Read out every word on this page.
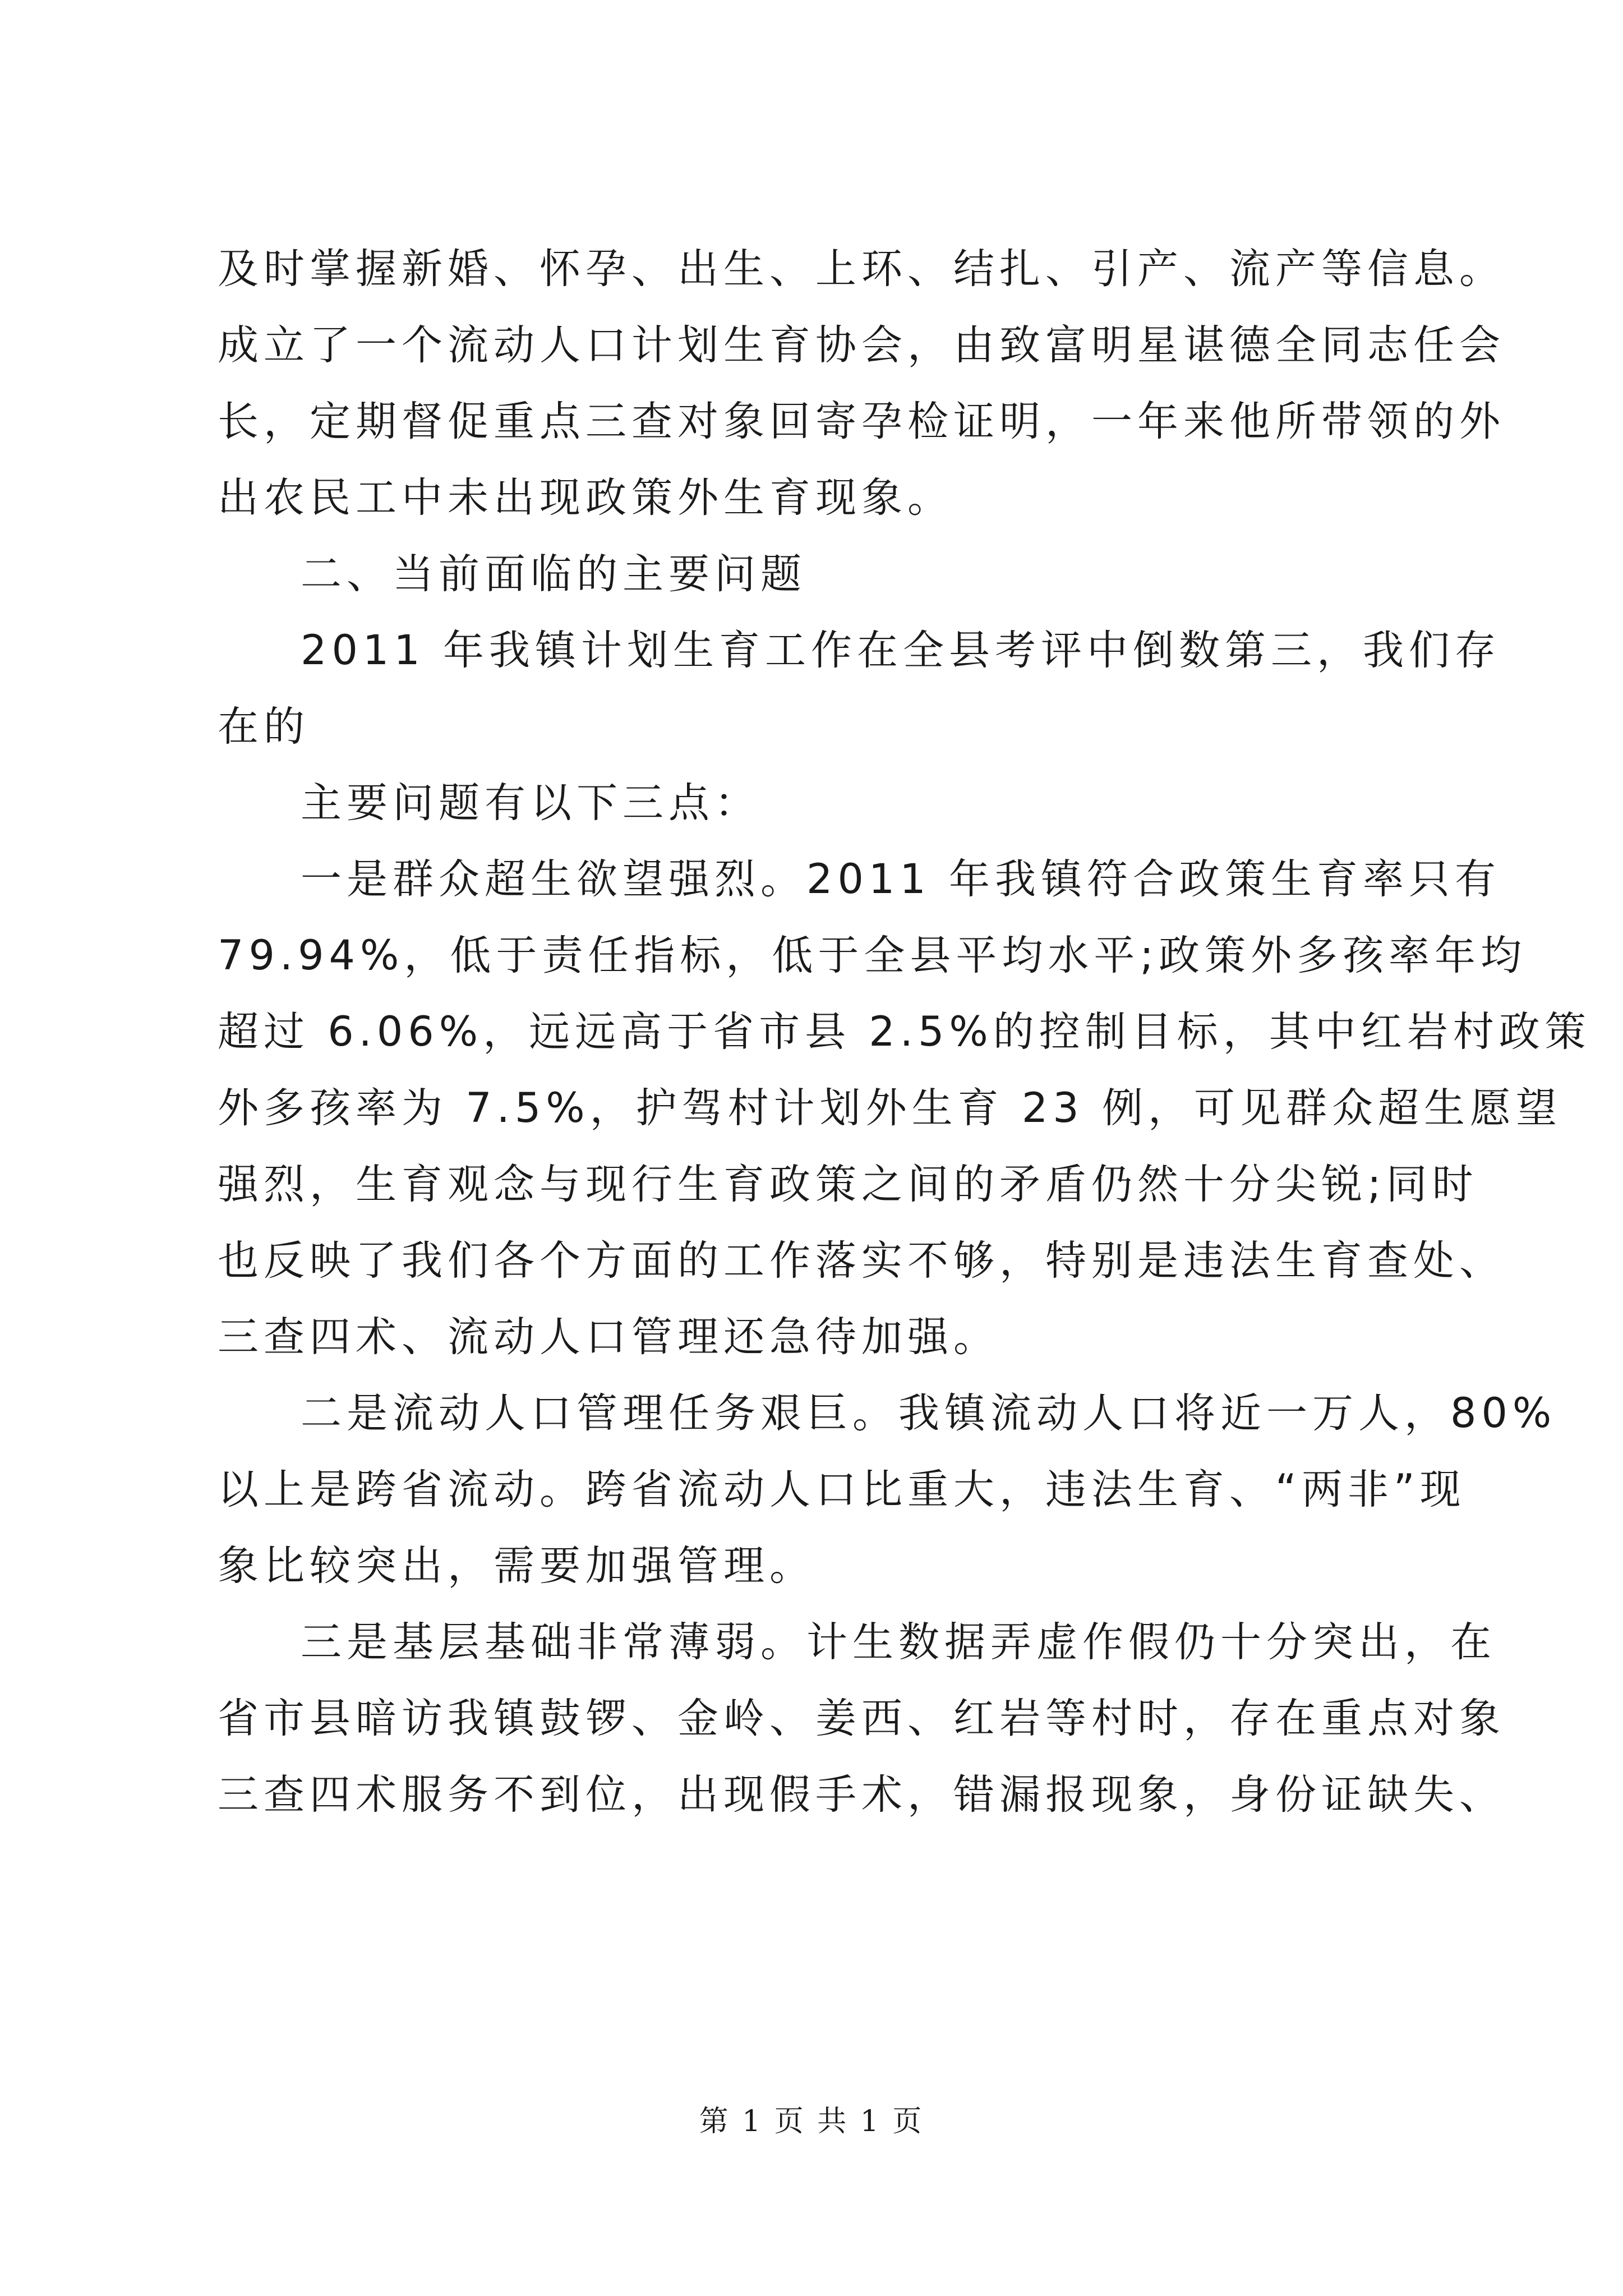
及时掌握新婚、怀孕、出生、上环、结扎、引产、流产等信息。
成立了一个流动人口计划生育协会，由致富明星谌德全同志任会
长，定期督促重点三查对象回寄孕检证明，一年来他所带领的外
出农民工中未出现政策外生育现象。
二、当前面临的主要问题
2011 年我镇计划生育工作在全县考评中倒数第三，我们存
在的
主要问题有以下三点：
一是群众超生欲望强烈。2011 年我镇符合政策生育率只有
79.94%，低于责任指标，低于全县平均水平;政策外多孩率年均
超过 6.06%，远远高于省市县 2.5%的控制目标，其中红岩村政策
外多孩率为 7.5%，护驾村计划外生育 23 例，可见群众超生愿望
强烈，生育观念与现行生育政策之间的矛盾仍然十分尖锐;同时
也反映了我们各个方面的工作落实不够，特别是违法生育查处、
三查四术、流动人口管理还急待加强。
二是流动人口管理任务艰巨。我镇流动人口将近一万人，80%
以上是跨省流动。跨省流动人口比重大，违法生育、“两非”现
象比较突出，需要加强管理。
三是基层基础非常薄弱。计生数据弄虚作假仍十分突出，在
省市县暗访我镇鼓锣、金岭、姜西、红岩等村时，存在重点对象
三查四术服务不到位，出现假手术，错漏报现象，身份证缺失、
第 1 页 共 1 页
